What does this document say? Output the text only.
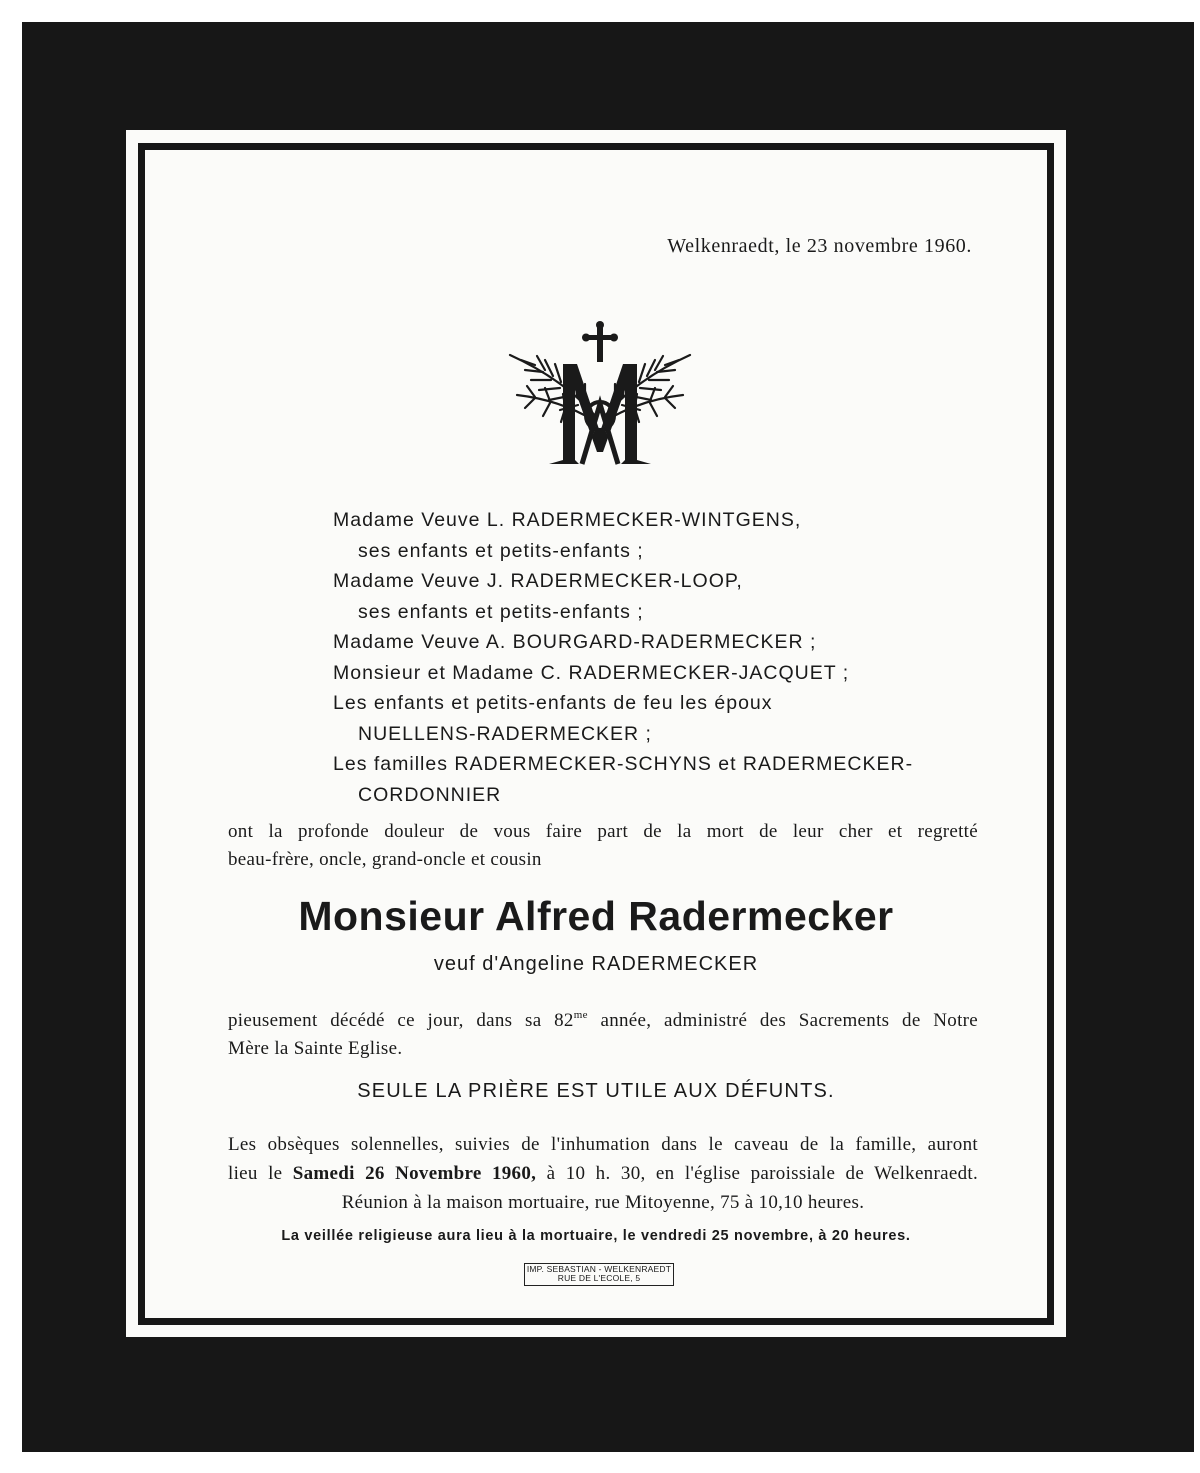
Welkenraedt, le 23 novembre 1960.
Madame Veuve L. RADERMECKER-WINTGENS,
ses enfants et petits-enfants ;
Madame Veuve J. RADERMECKER-LOOP,
ses enfants et petits-enfants ;
Madame Veuve A. BOURGARD-RADERMECKER ;
Monsieur et Madame C. RADERMECKER-JACQUET ;
Les enfants et petits-enfants de feu les époux
NUELLENS-RADERMECKER ;
Les familles RADERMECKER-SCHYNS et RADERMECKER-
CORDONNIER
ont la profonde douleur de vous faire part de la mort de leur cher et regretté
beau-frère, oncle, grand-oncle et cousin
Monsieur Alfred Radermecker
veuf d'Angeline RADERMECKER
pieusement décédé ce jour, dans sa $82^{me}$ année, administré des Sacrements de Notre
Mère la Sainte Eglise.
SEULE LA PRIÈRE EST UTILE AUX DÉFUNTS.
Les obsèques solennelles, suivies de l'inhumation dans le caveau de la famille, auront
lieu le Samedi 26 Novembre 1960, à 10 h. 30, en l'église paroissiale de Welkenraedt.
Réunion à la maison mortuaire, rue Mitoyenne, 75 à 10,10 heures.
La veillée religieuse aura lieu à la mortuaire, le vendredi 25 novembre, à 20 heures.
IMP. SEBASTIAN - WELKENRAEDT
RUE DE L'ECOLE, 5
